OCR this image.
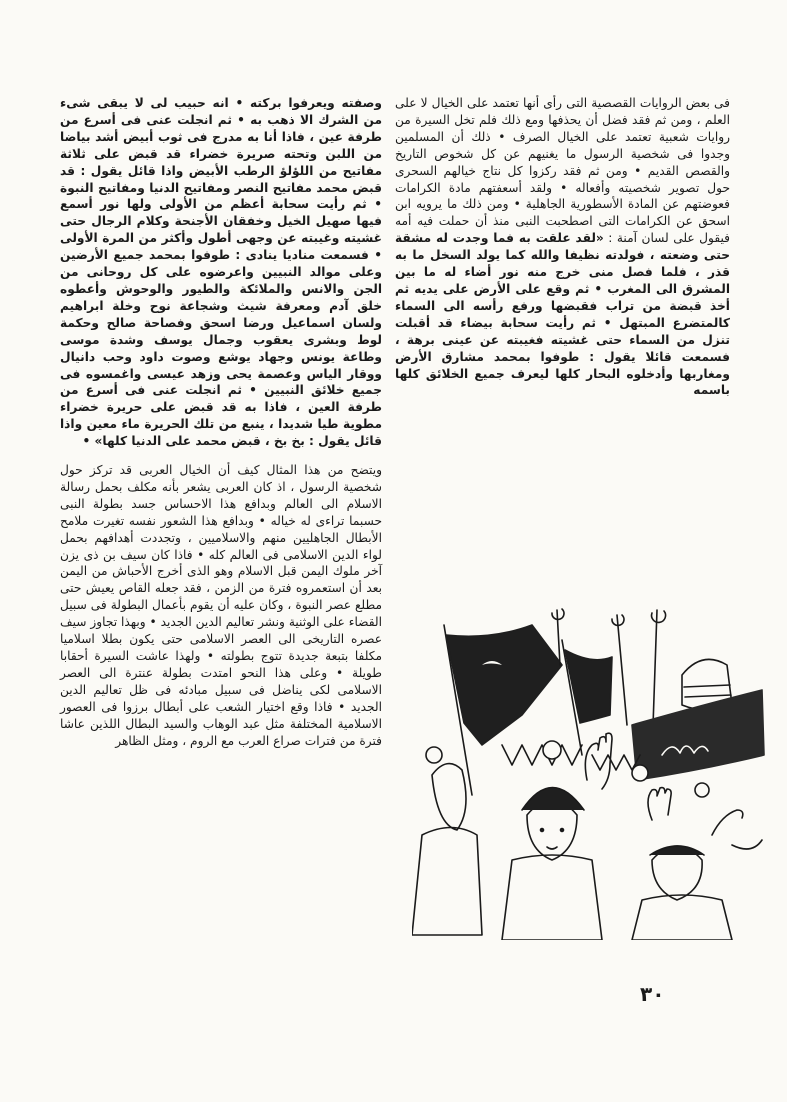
فى بعض الروايات القصصية التى رأى أنها تعتمد على الخيال لا على العلم ، ومن ثم فقد فضل أن يحذفها ومع ذلك فلم تخل السيرة من روايات شعبية تعتمد على الخيال الصرف • ذلك أن المسلمين وجدوا فى شخصية الرسول ما يغنيهم عن كل شخوص التاريخ والقصص القديم • ومن ثم فقد ركزوا كل نتاج خيالهم السحرى حول تصوير شخصيته وأفعاله • ولقد أسعفتهم مادة الكرامات فعوضتهم عن المادة الأسطورية الجاهلية • ومن ذلك ما يرويه ابن اسحق عن الكرامات التى اصطحبت النبى منذ أن حملت فيه أمه فيقول على لسان آمنة : «لقد علقت به فما وجدت له مشقة حتى وضعته ، فولدته نظيفا والله كما يولد السخل ما به قذر ، فلما فصل منى خرج منه نور أضاء له ما بين المشرق الى المغرب • ثم وقع على الأرض على يديه ثم أخذ قبضة من تراب فقبضها ورفع رأسه الى السماء كالمتضرع المبتهل • ثم رأيت سحابة بيضاء قد أقبلت تنزل من السماء حتى غشيته فغيبته عن عينى برهة ، فسمعت قائلا يقول : طوفوا بمحمد مشارق الأرض ومغاربها وأدخلوه البحار كلها ليعرف جميع الخلائق كلها باسمه

وصفته ويعرفوا بركته • انه حبيب لى لا يبقى شىء من الشرك الا ذهب به • ثم انجلت عنى فى أسرع من طرفة عين ، فاذا أنا به مدرج فى ثوب أبيض أشد بياضا من اللبن وتحته صريرة خضراء قد قبض على ثلاثة مفاتيح من اللؤلؤ الرطب الأبيض واذا قائل يقول : قد قبض محمد مفاتيح النصر ومفاتيح الدنيا ومفاتيح النبوة • ثم رأيت سحابة أعظم من الأولى ولها نور أسمع فيها صهيل الخيل وخفقان الأجنحة وكلام الرجال حتى غشيته وغيبته عن وجهى أطول وأكثر من المرة الأولى • فسمعت مناديا ينادى : طوفوا بمحمد جميع الأرضين وعلى موالد النبيين واعرضوه على كل روحانى من الجن والانس والملائكة والطيور والوحوش وأعطوه خلق آدم ومعرفة شيث وشجاعة نوح وخلة ابراهيم ولسان اسماعيل ورضا اسحق وفصاحة صالح وحكمة لوط وبشرى يعقوب وجمال يوسف وشدة موسى وطاعة يونس وجهاد يوشع وصوت داود وحب دانيال ووقار الياس وعصمة يحى وزهد عيسى واغمسوه فى جميع خلائق النبيين • ثم انجلت عنى فى أسرع من طرفة العين ، فاذا به قد قبض على حريرة خضراء مطوية طيا شديدا ، ينبع من تلك الحريرة ماء معين واذا قائل يقول : بخ بخ ، قبض محمد على الدنيا كلها» •

ويتضح من هذا المثال كيف أن الخيال العربى قد تركز حول شخصية الرسول ، اذ كان العربى يشعر بأنه مكلف بحمل رسالة الاسلام الى العالم وبدافع هذا الاحساس جسد بطولة النبى حسبما تراءى له خياله • وبدافع هذا الشعور نفسه تغيرت ملامح الأبطال الجاهليين منهم والاسلاميين ، وتجددت أهدافهم بحمل لواء الدين الاسلامى فى العالم كله • فاذا كان سيف بن ذى يزن آخر ملوك اليمن قبل الاسلام وهو الذى أخرج الأحباش من اليمن بعد أن استعمروه فترة من الزمن ، فقد جعله القاص يعيش حتى مطلع عصر النبوة ، وكان عليه أن يقوم بأعمال البطولة فى سبيل القضاء على الوثنية ونشر تعاليم الدين الجديد • وبهذا تجاوز سيف عصره التاريخى الى العصر الاسلامى حتى يكون بطلا اسلاميا مكلفا بتبعة جديدة تتوج بطولته • ولهذا عاشت السيرة أحقابا طويلة • وعلى هذا النحو امتدت بطولة عنترة الى العصر الاسلامى لكى يناضل فى سبيل مبادئه فى ظل تعاليم الدين الجديد • فاذا وقع اختيار الشعب على أبطال برزوا فى العصور الاسلامية المختلفة مثل عبد الوهاب والسيد البطال اللذين عاشا فترة من فترات صراع العرب مع الروم ، ومثل الظاهر

٣٠
